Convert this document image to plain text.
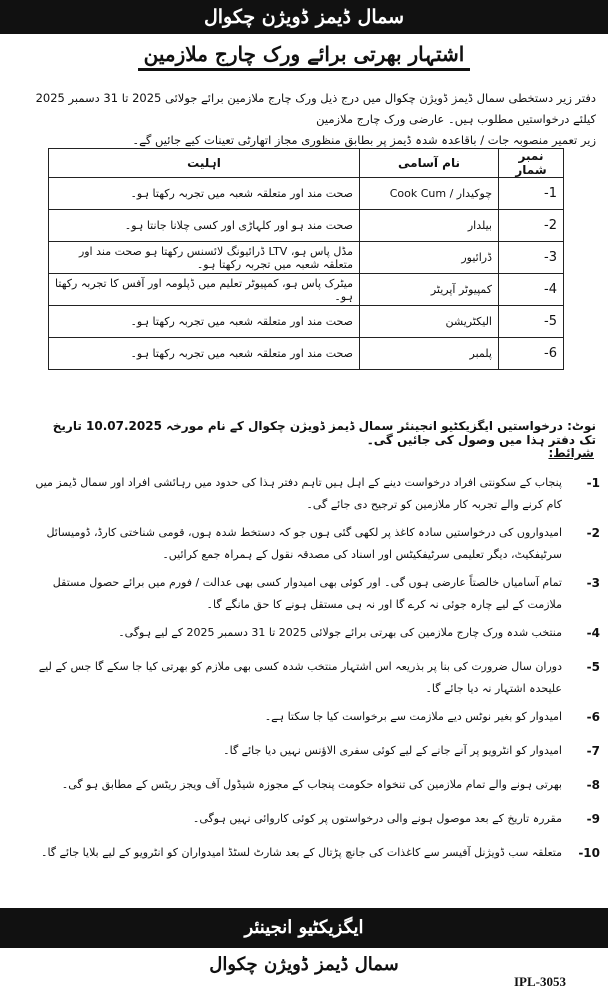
سمال ڈیمز ڈویژن چکوال
اشتہار بھرتی برائے ورک چارج ملازمین
دفتر زیر دستخطی سمال ڈیمز ڈویژن چکوال میں درج ذیل ورک چارج ملازمین برائے جولائی 2025 تا 31 دسمبر 2025 کیلئے درخواستیں مطلوب ہیں۔ عارضی ورک چارج ملازمین
زیر تعمیر منصوبہ جات / باقاعدہ شدہ ڈیمز پر بطابق منظوری مجاز اتھارٹی تعینات کیے جائیں گے۔
نمبر شمار	نام آسامی	اہلیت
1-	چوکیدار / Cook Cum	صحت مند اور متعلقہ شعبہ میں تجربہ رکھتا ہو۔
2-	بیلدار	صحت مند ہو اور کلہاڑی اور کسی چلانا جانتا ہو۔
3-	ڈرائیور	مڈل پاس ہو، LTV ڈرائیونگ لائسنس رکھتا ہو صحت مند اور متعلقہ شعبہ میں تجربہ رکھتا ہو۔
4-	کمپیوٹر آپریٹر	میٹرک پاس ہو، کمپیوٹر تعلیم میں ڈپلومہ اور آفس کا تجربہ رکھتا ہو۔
5-	الیکٹریشن	صحت مند اور متعلقہ شعبہ میں تجربہ رکھتا ہو۔
6-	پلمبر	صحت مند اور متعلقہ شعبہ میں تجربہ رکھتا ہو۔
نوٹ: درخواستیں ایگزیکٹیو انجینئر سمال ڈیمز ڈویژن چکوال کے نام مورخہ 10.07.2025 تاریخ تک دفتر ہذا میں وصول کی جائیں گی۔
شرائط:
1-
پنجاب کے سکونتی افراد درخواست دینے کے اہل ہیں تاہم دفتر ہذا کی حدود میں رہائشی افراد اور سمال ڈیمز میں کام کرنے والے تجربہ کار ملازمین کو ترجیح دی جائے گی۔
2-
امیدواروں کی درخواستیں سادہ کاغذ پر لکھی گئی ہوں جو کہ دستخط شدہ ہوں، قومی شناختی کارڈ، ڈومیسائل سرٹیفکیٹ، دیگر تعلیمی سرٹیفکیٹس اور اسناد کی مصدقہ نقول کے ہمراہ جمع کرائیں۔
3-
تمام آسامیاں خالصتاً عارضی ہوں گی۔ اور کوئی بھی امیدوار کسی بھی عدالت / فورم میں برائے حصول مستقل ملازمت کے لیے چارہ جوئی نہ کرے گا اور نہ ہی مستقل ہونے کا حق مانگے گا۔
4-
منتخب شدہ ورک چارج ملازمین کی بھرتی برائے جولائی 2025 تا 31 دسمبر 2025 کے لیے ہوگی۔
5-
دوران سال ضرورت کی بنا پر بذریعہ اس اشتہار منتخب شدہ کسی بھی ملازم کو بھرتی کیا جا سکے گا جس کے لیے علیحدہ اشتہار نہ دیا جائے گا۔
6-
امیدوار کو بغیر نوٹس دیے ملازمت سے برخواست کیا جا سکتا ہے۔
7-
امیدوار کو انٹرویو پر آنے جانے کے لیے کوئی سفری الاؤنس نہیں دیا جائے گا۔
8-
بھرتی ہونے والے تمام ملازمین کی تنخواہ حکومت پنجاب کے مجوزہ شیڈول آف ویجز ریٹس کے مطابق ہو گی۔
9-
مقررہ تاریخ کے بعد موصول ہونے والی درخواستوں پر کوئی کاروائی نہیں ہوگی۔
10-
متعلقہ سب ڈویژنل آفیسر سے کاغذات کی جانچ پڑتال کے بعد شارٹ لسٹڈ امیدواران کو انٹرویو کے لیے بلایا جائے گا۔
ایگزیکٹیو انجینئر
سمال ڈیمز ڈویژن چکوال
IPL-3053
